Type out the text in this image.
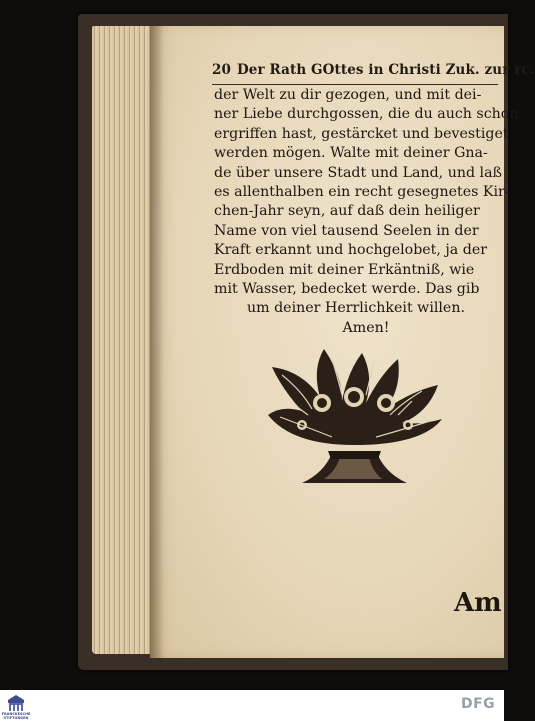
20 Der Rath GOttes in Christi Zuk. zur rc.
der Welt zu dir gezogen, und mit dei-
ner Liebe durchgossen, die du auch schon
ergriffen hast, gestärcket und bevestiget
werden mögen. Walte mit deiner Gna-
de über unsere Stadt und Land, und laß
es allenthalben ein recht gesegnetes Kir-
chen-Jahr seyn, auf daß dein heiliger
Name von viel tausend Seelen in der
Kraft erkannt und hochgelobet, ja der
Erdboden mit deiner Erkäntniß, wie
mit Wasser, bedecket werde. Das gib
um deiner Herrlichkeit willen.
Amen!
Am
FRANCKESCHE STIFTUNGEN
DFG
